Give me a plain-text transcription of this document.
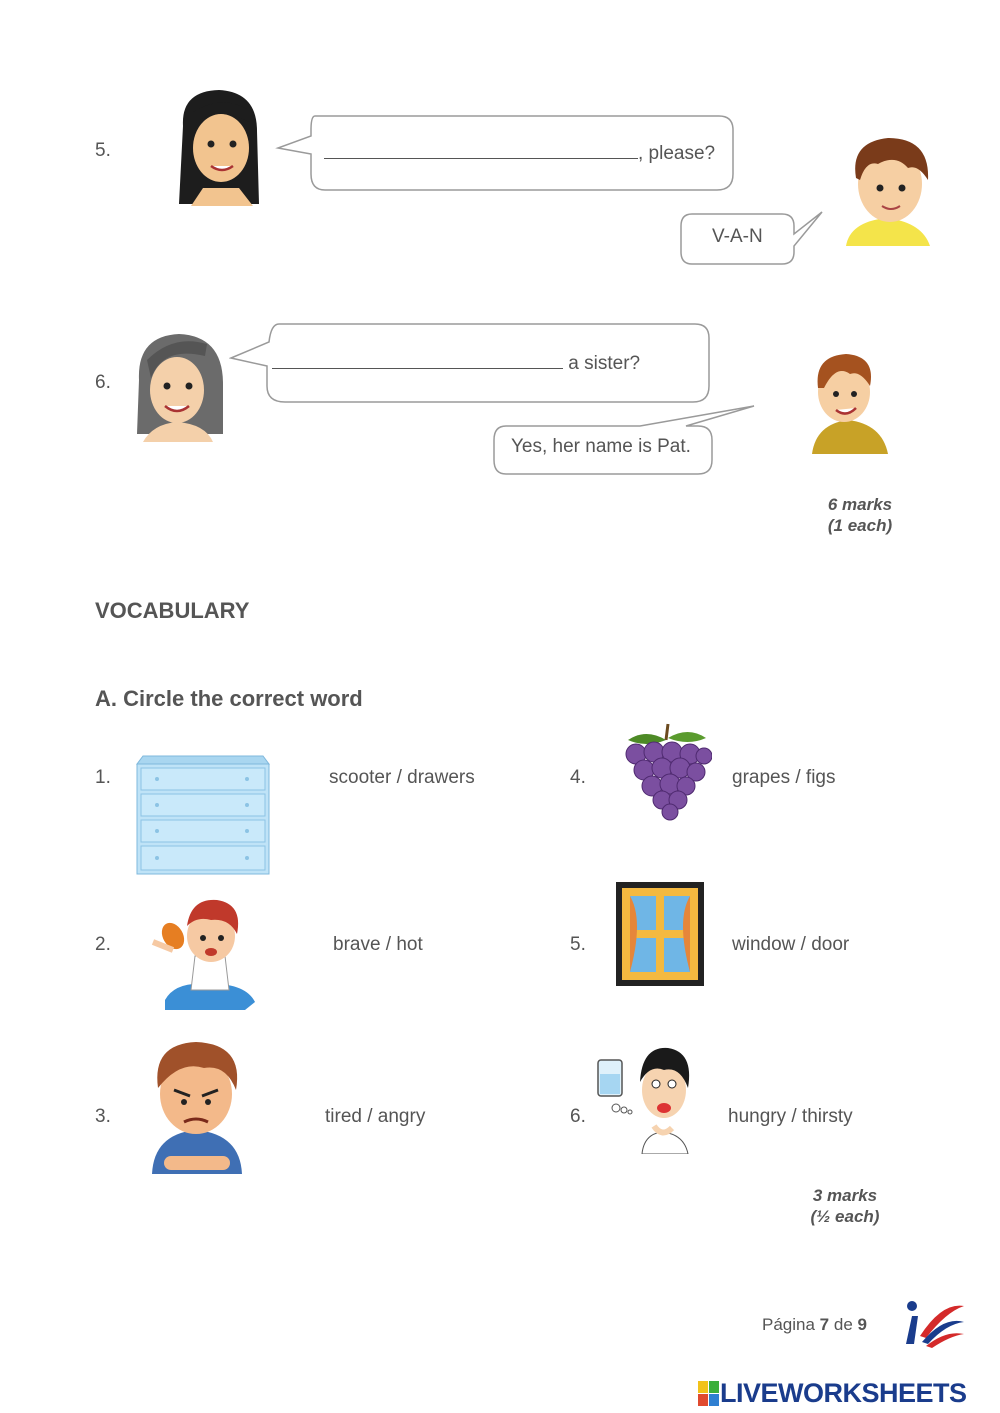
5.	, please?
V-A-N
6.
a sister?
Yes, her name is Pat.
6 marks
(1 each)
VOCABULARY
A. Circle the correct word
1.	scooter / drawers
2.	brave / hot
3.	tired / angry
4.	grapes / figs
5.	window / door
6.	hungry / thirsty
3 marks
(½ each)
Página 7 de 9
LIVEWORKSHEETS
